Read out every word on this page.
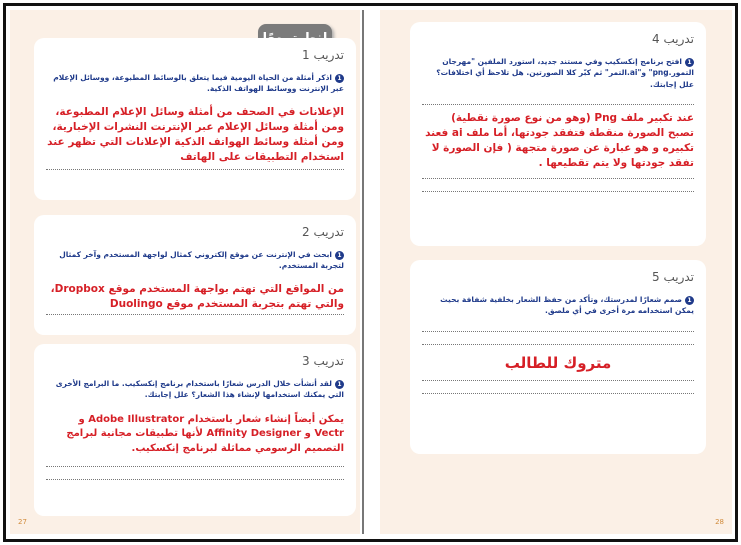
تدريب 1
1اذكر أمثلة من الحياة اليومية فيما يتعلق بالوسائط المطبوعة، ووسائل الإعلام عبر الإنترنت ووسائط الهواتف الذكية.
الإعلانات في الصحف من أمثلة وسائل الإعلام المطبوعة، ومن أمثلة وسائل الإعلام عبر الإنترنت النشرات الإخبارية، ومن أمثلة وسائط الهواتف الذكية الإعلانات التي تظهر عند استخدام التطبيقات على الهاتف
تدريب 2
1ابحث في الإنترنت عن موقع إلكتروني كمثال لواجهة المستخدم وآخر كمثال لتجربة المستخدم.
من المواقع التي تهتم بواجهة المستخدم موقع Dropbox، والتي تهتم بتجربة المستخدم موقع Duolingo
تدريب 3
1لقد أنشأت خلال الدرس شعارًا باستخدام برنامج إنكسكيب. ما البرامج الأخرى التي يمكنك استخدامها لإنشاء هذا الشعار؟ علل إجابتك.
يمكن أيضاً إنشاء شعار باستخدام Adobe Illustrator و Vectr و Affinity Designer لأنها تطبيقات مجانية لبرامج التصميم الرسومي مماثلة لبرنامج إنكسكيب.
27
تدريب 4
1افتح برنامج إنكسكيب وفي مستند جديد، استورد الملفين "مهرجان التمور.png" و"ai.التمر" ثم كبّر كلا الصورتين. هل تلاحظ أي اختلافات؟ علل إجابتك.
عند تكبير ملف Png (وهو من نوع صورة نقطية) تصبح الصورة منقطة فتفقد جودتها، أما ملف ai فعند تكبيره و هو عبارة عن صورة متجهة ( فإن الصورة لا تفقد جودتها ولا يتم تقطيعها .
تدريب 5
1صمم شعارًا لمدرستك، وتأكد من حفظ الشعار بخلفية شفافة بحيث يمكن استخدامه مرة أخرى في أي ملصق.
متروك للطالب
28
